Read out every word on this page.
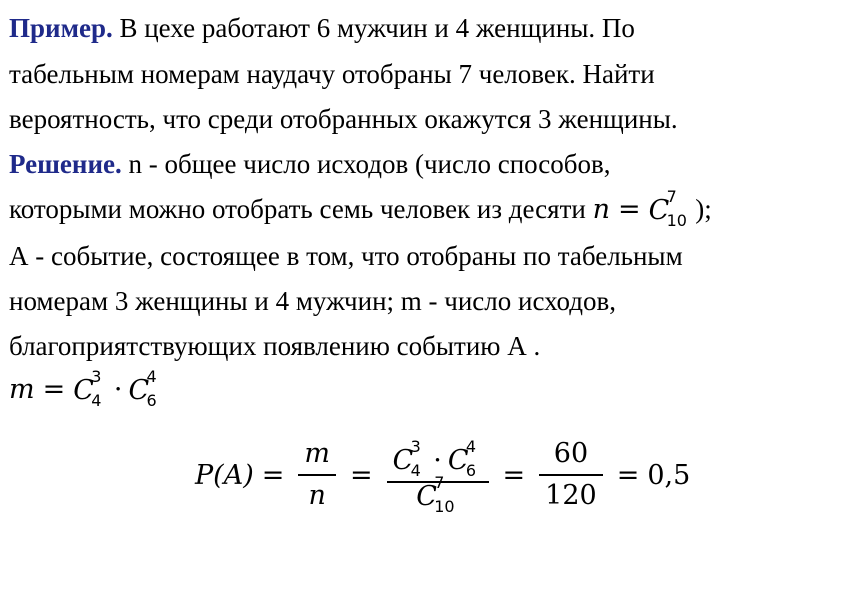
Пример. В цехе работают 6 мужчин и 4 женщины. По
табельным номерам наудачу отобраны 7 человек. Найти
вероятность, что среди отобранных окажутся 3 женщины.
Решение. n - общее число исходов (число способов,
которыми можно отобрать семь человек из десяти n = C
7
10 );
А - событие, состоящее в том, что отобраны по табельным
номерам 3 женщины и 4 мужчин; m - число исходов,
благоприятствующих появлению событию А .
m = C
3
4 · C
4
6
P $(A) = \frac{m}{n} = C$
3
4 · C
4
6
C
7
$10 = \frac{60}{120} = 0,5$
